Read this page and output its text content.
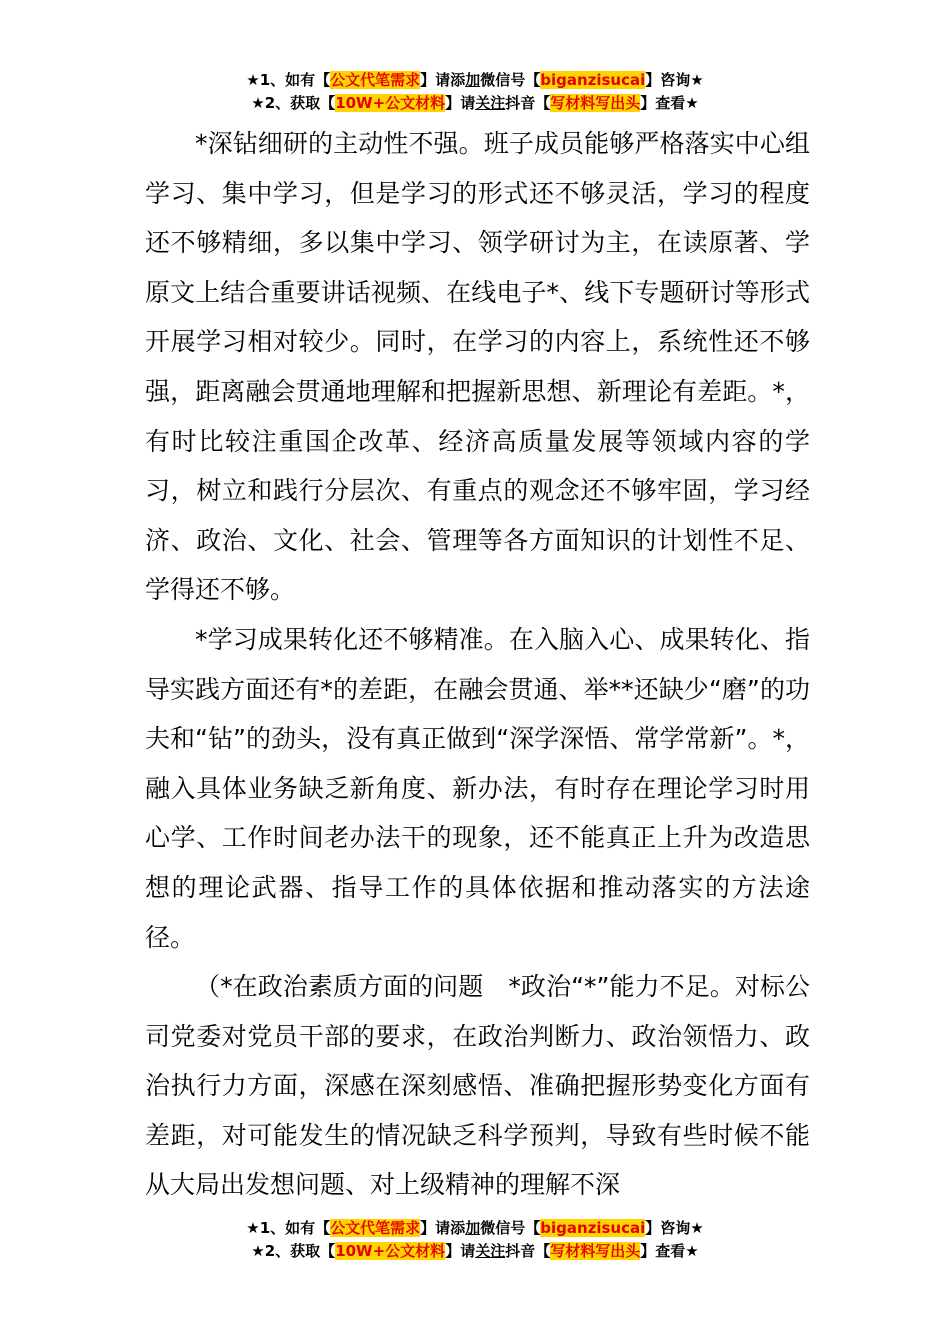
★1、如有【公文代笔需求】请添加微信号【biganzisucai】咨询★
★2、获取【10W+公文材料】请关注抖音【写材料写出头】查看★

*深钻细研的主动性不强。班子成员能够严格落实中心组学习、集中学习，但是学习的形式还不够灵活，学习的程度还不够精细，多以集中学习、领学研讨为主，在读原著、学原文上结合重要讲话视频、在线电子*、线下专题研讨等形式开展学习相对较少。同时，在学习的内容上，系统性还不够强，距离融会贯通地理解和把握新思想、新理论有差距。*，有时比较注重国企改革、经济高质量发展等领域内容的学习，树立和践行分层次、有重点的观念还不够牢固，学习经济、政治、文化、社会、管理等各方面知识的计划性不足、学得还不够。

*学习成果转化还不够精准。在入脑入心、成果转化、指导实践方面还有*的差距，在融会贯通、举**还缺少“磨”的功夫和“钻”的劲头，没有真正做到“深学深悟、常学常新”。*，融入具体业务缺乏新角度、新办法，有时存在理论学习时用心学、工作时间老办法干的现象，还不能真正上升为改造思想的理论武器、指导工作的具体依据和推动落实的方法途径。

（*在政治素质方面的问题　*政治“*”能力不足。对标公司党委对党员干部的要求，在政治判断力、政治领悟力、政治执行力方面，深感在深刻感悟、准确把握形势变化方面有差距，对可能发生的情况缺乏科学预判，导致有些时候不能从大局出发想问题、对上级精神的理解不深

★1、如有【公文代笔需求】请添加微信号【biganzisucai】咨询★
★2、获取【10W+公文材料】请关注抖音【写材料写出头】查看★
